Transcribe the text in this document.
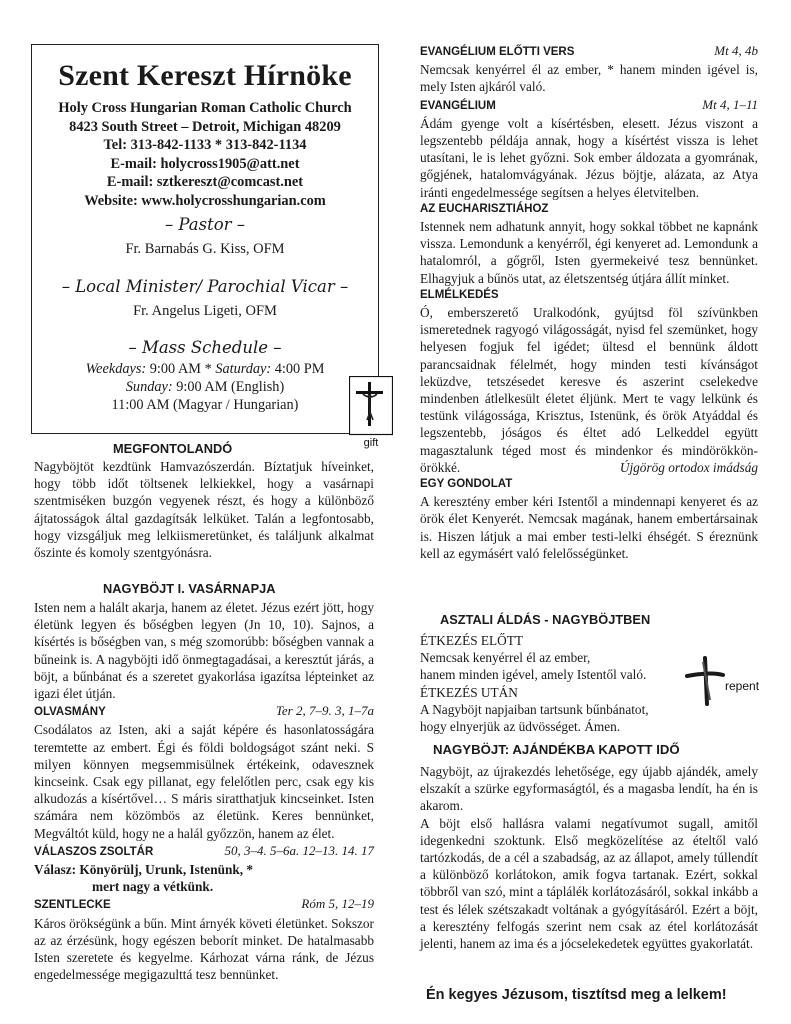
Szent Kereszt Hírnöke
Holy Cross Hungarian Roman Catholic Church
8423 South Street – Detroit, Michigan 48209
Tel: 313-842-1133 * 313-842-1134
E-mail: holycross1905@att.net
E-mail: sztkereszt@comcast.net
Website: www.holycrosshungarian.com
– Pastor –
Fr. Barnabás G. Kiss, OFM
– Local Minister/ Parochial Vicar –
Fr. Angelus Ligeti, OFM
– Mass Schedule –
Weekdays: 9:00 AM * Saturday: 4:00 PM
Sunday: 9:00 AM (English)
11:00 AM (Magyar / Hungarian)
gift
MEGFONTOLANDÓ
Nagyböjtöt kezdtünk Hamvazószerdán. Bíztatjuk híveinket, hogy több időt töltsenek lelkiekkel, hogy a vasárnapi szentmiséken buzgón vegyenek részt, és hogy a különböző ájtatosságok által gazdagítsák lelküket. Talán a legfontosabb, hogy vizsgáljuk meg lelkiismeretünket, és találjunk alkalmat őszinte és komoly szentgyónásra.
NAGYBÖJT I. VASÁRNAPJA

Isten nem a halált akarja, hanem az életet. Jézus ezért jött, hogy életünk legyen és bőségben legyen (Jn 10, 10). Sajnos, a kísértés is bőségben van, s még szomorúbb: bőségben vannak a bűneink is. A nagyböjti idő önmegtagadásai, a keresztút járás, a böjt, a bűnbánat és a szeretet gyakorlása igazítsa lépteinket az igazi élet útján.

OLVASMÁNY	Ter 2, 7–9. 3, 1–7a

Csodálatos az Isten, aki a saját képére és hasonlatosságára teremtette az embert. Égi és földi boldogságot szánt neki. S milyen könnyen megsemmisülnek értékeink, odavesznek kincseink. Csak egy pillanat, egy felelőtlen perc, csak egy kis alkudozás a kísértővel… S máris siratthatjuk kincseinket. Isten számára nem közömbös az életünk. Keres bennünket, Megváltót küld, hogy ne a halál győzzön, hanem az élet.

VÁLASZOS ZSOLTÁR	50, 3–4. 5–6a. 12–13. 14. 17

Válasz: Könyörülj, Urunk, Istenünk, *

mert nagy a vétkünk.

SZENTLECKE	Róm 5, 12–19

Káros örökségünk a bűn. Mint árnyék követi életünket. Sokszor az az érzésünk, hogy egészen beborít minket. De hatalmasabb Isten szeretete és kegyelme. Kárhozat várna ránk, de Jézus engedelmessége megigazulttá tesz bennünket.

EVANGÉLIUM ELŐTTI VERS	Mt 4, 4b

Nemcsak kenyérrel él az ember, * hanem minden igével is, mely Isten ajkáról való.

EVANGÉLIUM	Mt 4, 1–11

Ádám gyenge volt a kísértésben, elesett. Jézus viszont a legszentebb példája annak, hogy a kísértést vissza is lehet utasítani, le is lehet győzni. Sok ember áldozata a gyomrának, gőgjének, hatalomvágyának. Jézus böjtje, alázata, az Atya iránti engedelmessége segítsen a helyes életvitelben.

AZ EUCHARISZTIÁHOZ

Istennek nem adhatunk annyit, hogy sokkal többet ne kapnánk vissza. Lemondunk a kenyérről, égi kenyeret ad. Lemondunk a hatalomról, a gőgről, Isten gyermekeivé tesz bennünket. Elhagyjuk a bűnös utat, az életszentség útjára állít minket.

ELMÉLKEDÉS

Ó, emberszerető Uralkodónk, gyújtsd föl szívünkben ismeretednek ragyogó világosságát, nyisd fel szemünket, hogy helyesen fogjuk fel igédet; ültesd el bennünk áldott parancsaidnak félelmét, hogy minden testi kívánságot leküzdve, tetszésedet keresve és aszerint cselekedve mindenben átlelkesült életet éljünk. Mert te vagy lelkünk és testünk világossága, Krisztus, Istenünk, és örök Atyáddal és legszentebb, jóságos és éltet adó Lelkeddel együtt magasztalunk téged most és mindenkor és mindörökkön-örökké.	Újgörög ortodox imádság

EGY GONDOLAT

A keresztény ember kéri Istentől a mindennapi kenyeret és az örök élet Kenyerét. Nemcsak magának, hanem embertársainak is. Hiszen látjuk a mai ember testi-lelki éhségét. S éreznünk kell az egymásért való felelősségünket.

ASZTALI ÁLDÁS - NAGYBÖJTBEN

ÉTKEZÉS ELŐTT

Nemcsak kenyérrel él az ember,

hanem minden igével, amely Istentől való.

ÉTKEZÉS UTÁN

A Nagyböjt napjaiban tartsunk bűnbánatot,

hogy elnyerjük az üdvösséget. Ámen.

repent
NAGYBÖJT: AJÁNDÉKBA KAPOTT IDŐ

Nagyböjt, az újrakezdés lehetősége, egy újabb ajándék, amely elszakít a szürke egyformaságtól, és a magasba lendít, ha én is akarom.

A böjt első hallásra valami negatívumot sugall, amitől idegenkedni szoktunk. Első megközelítése az ételtől való tartózkodás, de a cél a szabadság, az az állapot, amely túllendít a különböző korlátokon, amik fogva tartanak. Ezért, sokkal többről van szó, mint a táplálék korlátozásáról, sokkal inkább a test és lélek szétszakadt voltának a gyógyításáról. Ezért a böjt, a keresztény felfogás szerint nem csak az étel korlátozását jelenti, hanem az ima és a jócselekedetek együttes gyakorlatát.

Én kegyes Jézusom, tisztítsd meg a lelkem!
